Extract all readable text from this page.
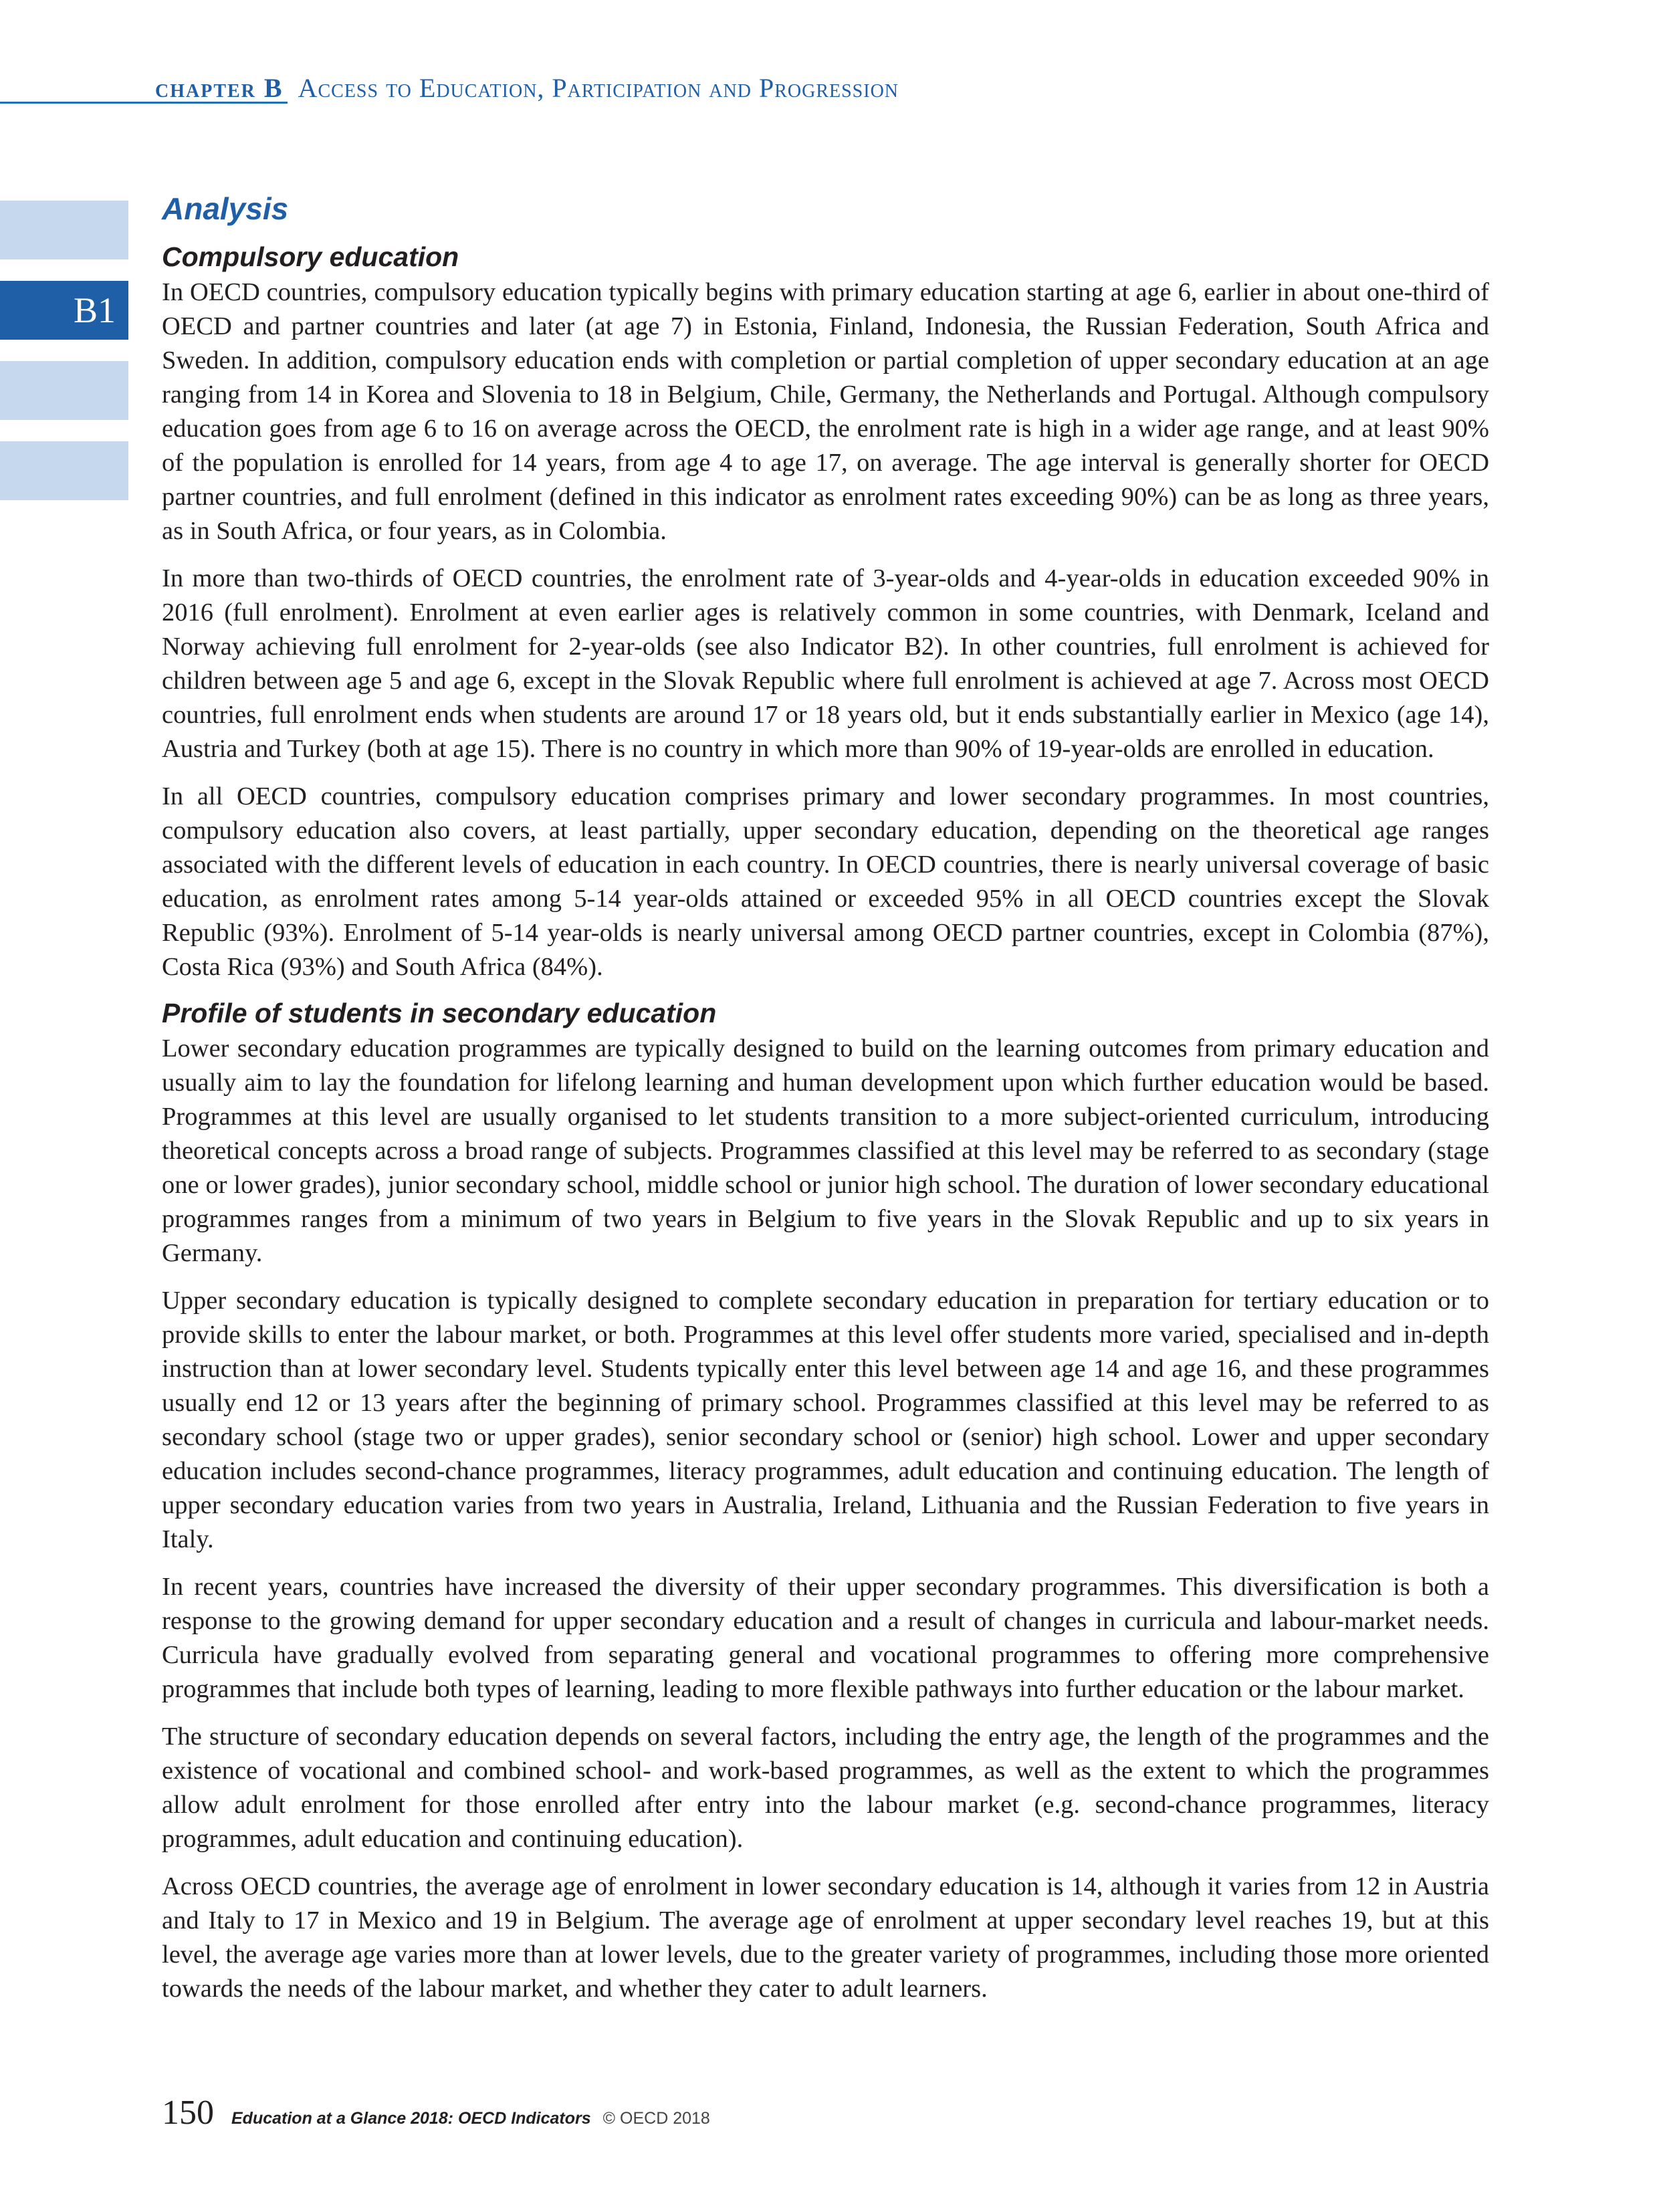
chapter B Access to Education, Participation and Progression
B1
Analysis
Compulsory education

In OECD countries, compulsory education typically begins with primary education starting at age 6, earlier in about one-third of OECD and partner countries and later (at age 7) in Estonia, Finland, Indonesia, the Russian Federation, South Africa and Sweden. In addition, compulsory education ends with completion or partial completion of upper secondary education at an age ranging from 14 in Korea and Slovenia to 18 in Belgium, Chile, Germany, the Netherlands and Portugal. Although compulsory education goes from age 6 to 16 on average across the OECD, the enrolment rate is high in a wider age range, and at least 90% of the population is enrolled for 14 years, from age 4 to age 17, on average. The age interval is generally shorter for OECD partner countries, and full enrolment (defined in this indicator as enrolment rates exceeding 90%) can be as long as three years, as in South Africa, or four years, as in Colombia.

In more than two-thirds of OECD countries, the enrolment rate of 3-year-olds and 4-year-olds in education exceeded 90% in 2016 (full enrolment). Enrolment at even earlier ages is relatively common in some countries, with Denmark, Iceland and Norway achieving full enrolment for 2-year-olds (see also Indicator B2). In other countries, full enrolment is achieved for children between age 5 and age 6, except in the Slovak Republic where full enrolment is achieved at age 7. Across most OECD countries, full enrolment ends when students are around 17 or 18 years old, but it ends substantially earlier in Mexico (age 14), Austria and Turkey (both at age 15). There is no country in which more than 90% of 19-year-olds are enrolled in education.

In all OECD countries, compulsory education comprises primary and lower secondary programmes. In most countries, compulsory education also covers, at least partially, upper secondary education, depending on the theoretical age ranges associated with the different levels of education in each country. In OECD countries, there is nearly universal coverage of basic education, as enrolment rates among 5-14 year-olds attained or exceeded 95% in all OECD countries except the Slovak Republic (93%). Enrolment of 5-14 year-olds is nearly universal among OECD partner countries, except in Colombia (87%), Costa Rica (93%) and South Africa (84%).

Profile of students in secondary education

Lower secondary education programmes are typically designed to build on the learning outcomes from primary education and usually aim to lay the foundation for lifelong learning and human development upon which further education would be based. Programmes at this level are usually organised to let students transition to a more subject-oriented curriculum, introducing theoretical concepts across a broad range of subjects. Programmes classified at this level may be referred to as secondary (stage one or lower grades), junior secondary school, middle school or junior high school. The duration of lower secondary educational programmes ranges from a minimum of two years in Belgium to five years in the Slovak Republic and up to six years in Germany.

Upper secondary education is typically designed to complete secondary education in preparation for tertiary education or to provide skills to enter the labour market, or both. Programmes at this level offer students more varied, specialised and in-depth instruction than at lower secondary level. Students typically enter this level between age 14 and age 16, and these programmes usually end 12 or 13 years after the beginning of primary school. Programmes classified at this level may be referred to as secondary school (stage two or upper grades), senior secondary school or (senior) high school. Lower and upper secondary education includes second-chance programmes, literacy programmes, adult education and continuing education. The length of upper secondary education varies from two years in Australia, Ireland, Lithuania and the Russian Federation to five years in Italy.

In recent years, countries have increased the diversity of their upper secondary programmes. This diversification is both a response to the growing demand for upper secondary education and a result of changes in curricula and labour-market needs. Curricula have gradually evolved from separating general and vocational programmes to offering more comprehensive programmes that include both types of learning, leading to more flexible pathways into further education or the labour market.

The structure of secondary education depends on several factors, including the entry age, the length of the programmes and the existence of vocational and combined school- and work-based programmes, as well as the extent to which the programmes allow adult enrolment for those enrolled after entry into the labour market (e.g. second-chance programmes, literacy programmes, adult education and continuing education).

Across OECD countries, the average age of enrolment in lower secondary education is 14, although it varies from 12 in Austria and Italy to 17 in Mexico and 19 in Belgium. The average age of enrolment at upper secondary level reaches 19, but at this level, the average age varies more than at lower levels, due to the greater variety of programmes, including those more oriented towards the needs of the labour market, and whether they cater to adult learners.

150 Education at a Glance 2018: OECD Indicators © OECD 2018
